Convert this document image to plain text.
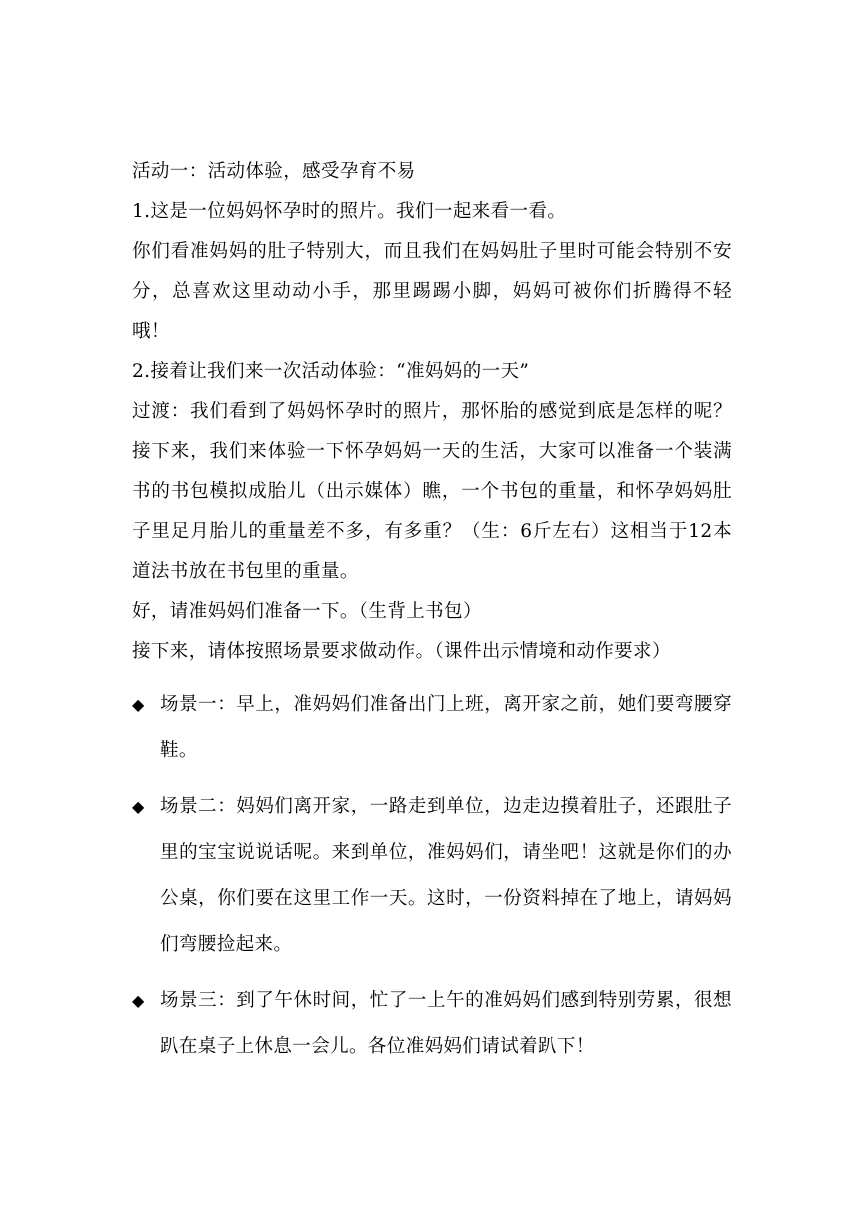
活动一：活动体验，感受孕育不易

1.这是一位妈妈怀孕时的照片。我们一起来看一看。

你们看准妈妈的肚子特别大，而且我们在妈妈肚子里时可能会特别不安分，总喜欢这里动动小手，那里踢踢小脚，妈妈可被你们折腾得不轻哦！

2.接着让我们来一次活动体验：“准妈妈的一天”

过渡：我们看到了妈妈怀孕时的照片，那怀胎的感觉到底是怎样的呢？接下来，我们来体验一下怀孕妈妈一天的生活，大家可以准备一个装满书的书包模拟成胎儿（出示媒体）瞧，一个书包的重量，和怀孕妈妈肚子里足月胎儿的重量差不多，有多重？（生：6斤左右）这相当于12本道法书放在书包里的重量。

好，请准妈妈们准备一下。（生背上书包）

接下来，请体按照场景要求做动作。（课件出示情境和动作要求）

◆ 场景一：早上，准妈妈们准备出门上班，离开家之前，她们要弯腰穿鞋。
◆ 场景二：妈妈们离开家，一路走到单位，边走边摸着肚子，还跟肚子里的宝宝说说话呢。来到单位，准妈妈们，请坐吧！这就是你们的办公桌，你们要在这里工作一天。这时，一份资料掉在了地上，请妈妈们弯腰捡起来。
◆ 场景三：到了午休时间，忙了一上午的准妈妈们感到特别劳累，很想趴在桌子上休息一会儿。各位准妈妈们请试着趴下！
